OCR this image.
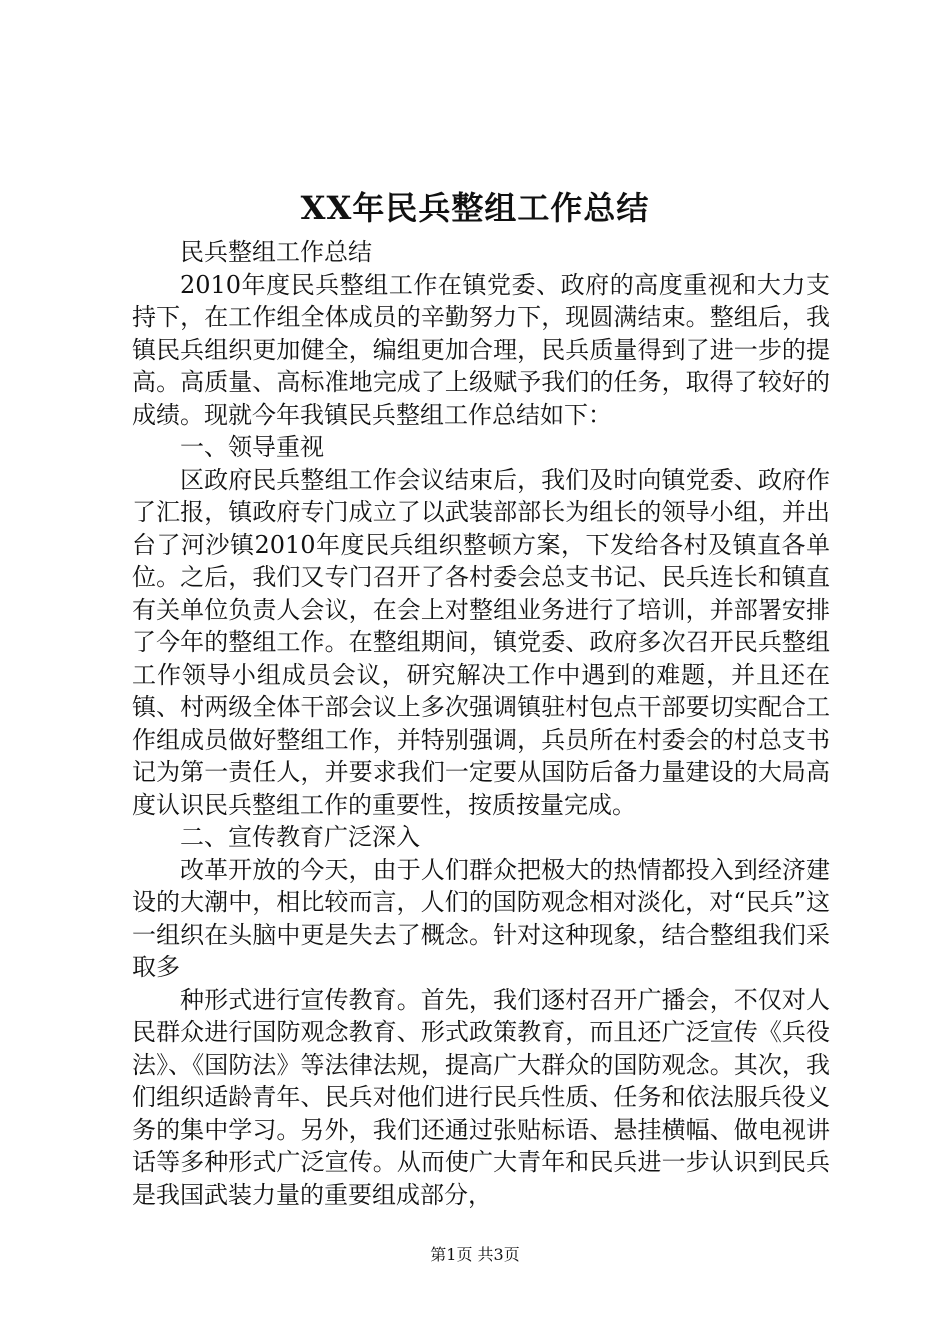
XX年民兵整组工作总结

民兵整组工作总结

2010年度民兵整组工作在镇党委、政府的高度重视和大力支持下，在工作组全体成员的辛勤努力下，现圆满结束。整组后，我镇民兵组织更加健全，编组更加合理，民兵质量得到了进一步的提高。高质量、高标准地完成了上级赋予我们的任务，取得了较好的成绩。现就今年我镇民兵整组工作总结如下：

一、领导重视

区政府民兵整组工作会议结束后，我们及时向镇党委、政府作了汇报，镇政府专门成立了以武装部部长为组长的领导小组，并出台了河沙镇2010年度民兵组织整顿方案，下发给各村及镇直各单位。之后，我们又专门召开了各村委会总支书记、民兵连长和镇直有关单位负责人会议，在会上对整组业务进行了培训，并部署安排了今年的整组工作。在整组期间，镇党委、政府多次召开民兵整组工作领导小组成员会议，研究解决工作中遇到的难题，并且还在镇、村两级全体干部会议上多次强调镇驻村包点干部要切实配合工作组成员做好整组工作，并特别强调，兵员所在村委会的村总支书记为第一责任人，并要求我们一定要从国防后备力量建设的大局高度认识民兵整组工作的重要性，按质按量完成。

二、宣传教育广泛深入

改革开放的今天，由于人们群众把极大的热情都投入到经济建设的大潮中，相比较而言，人们的国防观念相对淡化，对“民兵”这一组织在头脑中更是失去了概念。针对这种现象，结合整组我们采取多

种形式进行宣传教育。首先，我们逐村召开广播会，不仅对人民群众进行国防观念教育、形式政策教育，而且还广泛宣传《兵役法》、《国防法》等法律法规，提高广大群众的国防观念。其次，我们组织适龄青年、民兵对他们进行民兵性质、任务和依法服兵役义务的集中学习。另外，我们还通过张贴标语、悬挂横幅、做电视讲话等多种形式广泛宣传。从而使广大青年和民兵进一步认识到民兵是我国武装力量的重要组成部分，

第1页 共3页
